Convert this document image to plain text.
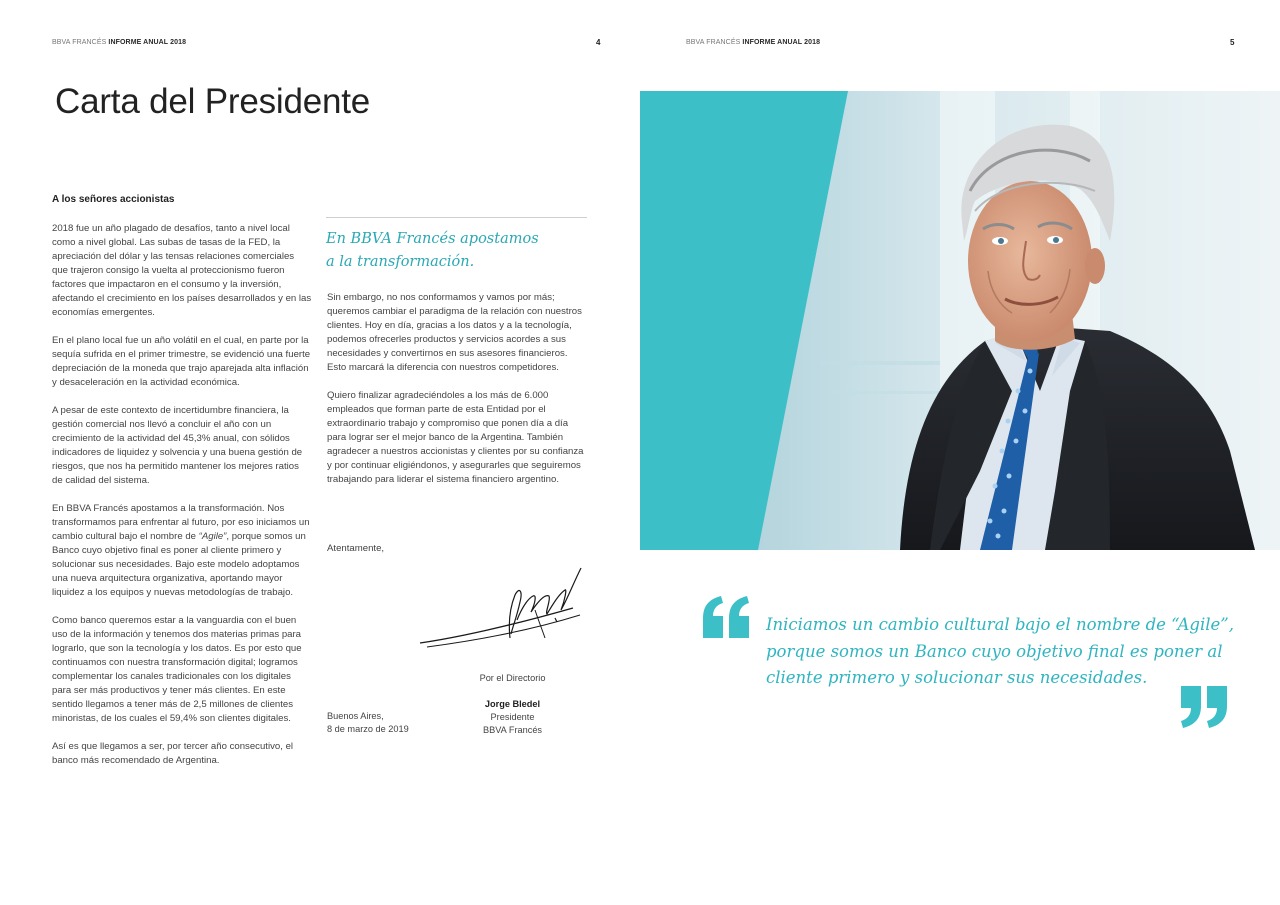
BBVA FRANCÉS INFORME ANUAL 2018	4
Carta del Presidente

A los señores accionistas

2018 fue un año plagado de desafíos, tanto a nivel local como a nivel global. Las subas de tasas de la FED, la apreciación del dólar y las tensas relaciones comerciales que trajeron consigo la vuelta al proteccionismo fueron factores que impactaron en el consumo y la inversión, afectando el crecimiento en los países desarrollados y en las economías emergentes.

En el plano local fue un año volátil en el cual, en parte por la sequía sufrida en el primer trimestre, se evidenció una fuerte depreciación de la moneda que trajo aparejada alta inflación y desaceleración en la actividad económica.

A pesar de este contexto de incertidumbre financiera, la gestión comercial nos llevó a concluir el año con un crecimiento de la actividad del 45,3% anual, con sólidos indicadores de liquidez y solvencia y una buena gestión de riesgos, que nos ha permitido mantener los mejores ratios de calidad del sistema.

En BBVA Francés apostamos a la transformación. Nos transformamos para enfrentar al futuro, por eso iniciamos un cambio cultural bajo el nombre de “Agile”, porque somos un Banco cuyo objetivo final es poner al cliente primero y solucionar sus necesidades. Bajo este modelo adoptamos una nueva arquitectura organizativa, aportando mayor liquidez a los equipos y nuevas metodologías de trabajo.

Como banco queremos estar a la vanguardia con el buen uso de la información y tenemos dos materias primas para lograrlo, que son la tecnología y los datos. Es por esto que continuamos con nuestra transformación digital; logramos complementar los canales tradicionales con los digitales para ser más productivos y tener más clientes. En este sentido llegamos a tener más de 2,5 millones de clientes minoristas, de los cuales el 59,4% son clientes digitales.

Así es que llegamos a ser, por tercer año consecutivo, el banco más recomendado de Argentina.

En BBVA Francés apostamos
a la transformación.

Sin embargo, no nos conformamos y vamos por más; queremos cambiar el paradigma de la relación con nuestros clientes. Hoy en día, gracias a los datos y a la tecnología, podemos ofrecerles productos y servicios acordes a sus necesidades y convertirnos en sus asesores financieros. Esto marcará la diferencia con nuestros competidores.

Quiero finalizar agradeciéndoles a los más de 6.000 empleados que forman parte de esta Entidad por el extraordinario trabajo y compromiso que ponen día a día para lograr ser el mejor banco de la Argentina. También agradecer a nuestros accionistas y clientes por su confianza y por continuar eligiéndonos, y asegurarles que seguiremos trabajando para liderar el sistema financiero argentino.

Atentamente,

Buenos Aires,
8 de marzo de 2019
Por el Directorio
Jorge Bledel
Presidente
BBVA Francés
BBVA FRANCÉS INFORME ANUAL 2018	5

Iniciamos un cambio cultural bajo el nombre de “Agile”, porque somos un Banco cuyo objetivo final es poner al cliente primero y solucionar sus necesidades.
